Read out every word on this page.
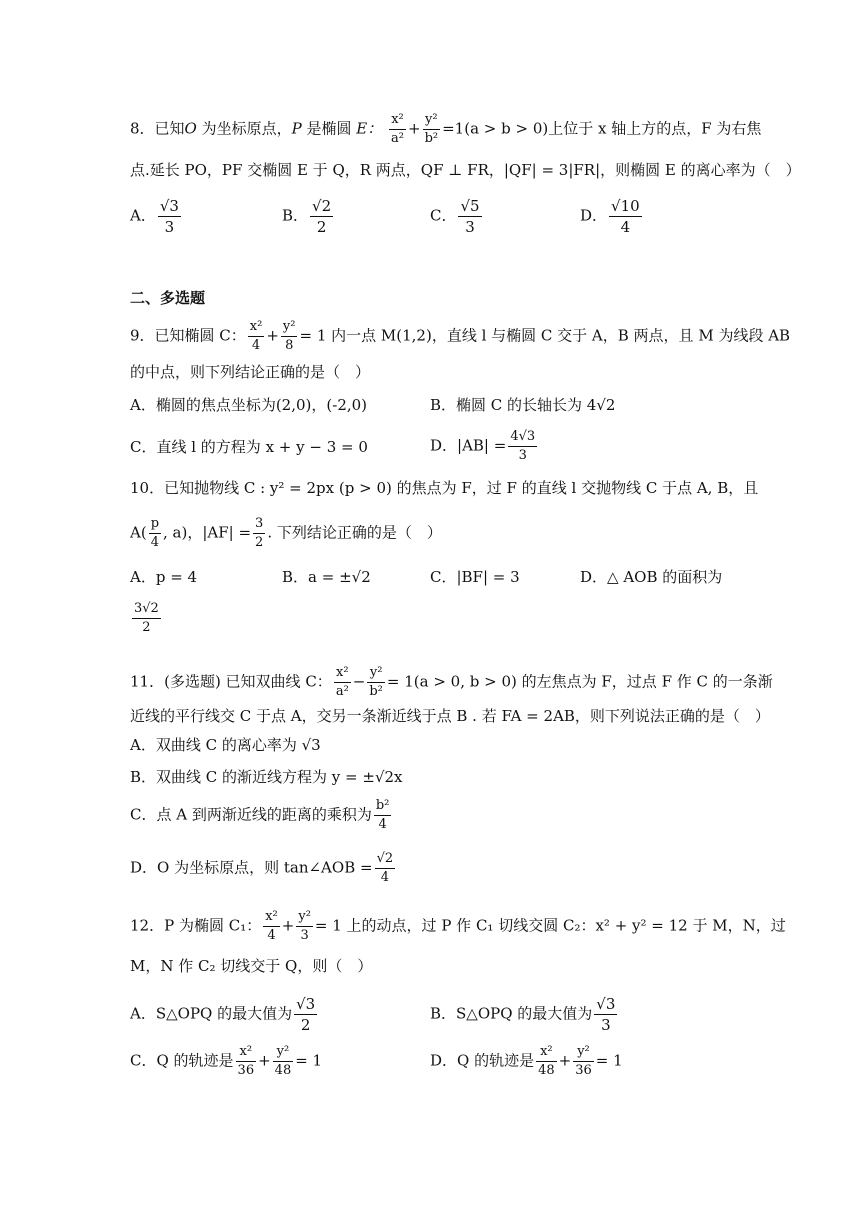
8．已知O 为坐标原点，P 是椭圆 E： $\frac{\text{x²}}{\text{a²}} + \frac{\text{y²}}{\text{b²}} =1(a > b > 0)$上位于 x 轴上方的点，F 为右焦
点.延长 PO，PF 交椭圆 E 于 Q，R 两点，QF ⊥ FR，|QF| = 3|FR|，则椭圆 E 的离心率为（　）
A． $\frac{√3}{3}$	B． $\frac{√2}{2}$	C． $\frac{√5}{3}$	D． $\frac{√10}{4}$
二、多选题
9．已知椭圆 C： $\frac{\text{x²}}{4} + \frac{\text{y²}}{8} = 1$ 内一点 M(1,2)，直线 l 与椭圆 C 交于 A，B 两点，且 M 为线段 AB
的中点，则下列结论正确的是（　）
A．椭圆的焦点坐标为(2,0)，(-2,0)	B．椭圆 C 的长轴长为 4√2
C．直线 l 的方程为 x + y − 3 = 0	D．$|AB| = \frac{4√3}{3}$
10．已知抛物线 C : y² = 2px (p > 0) 的焦点为 F，过 F 的直线 l 交抛物线 C 于点 A, B，且
$A( \frac{p}{4}$ , a)，$|AF| = \frac{3}{2}$ . 下列结论正确的是（　）
A．p = 4	B．a = ±√2	C．|BF| = 3	D．△ AOB 的面积为
$\frac{3√2}{2}$
11．(多选题) 已知双曲线 C： $\frac{\text{x²}}{\text{a²}} - \frac{\text{y²}}{\text{b²}} = 1(a > 0$, b > 0) 的左焦点为 F，过点 F 作 C 的一条渐
近线的平行线交 C 于点 A，交另一条渐近线于点 B . 若 FA = 2AB，则下列说法正确的是（　）
A．双曲线 C 的离心率为 √3
B．双曲线 C 的渐近线方程为 y = ±√2x
C．点 A 到两渐近线的距离的乘积为 $\frac{\text{b²}}{4}$
D．O 为坐标原点，则 tan∠AOB = $\frac{√2}{4}$
12．P 为椭圆 C₁： $\frac{\text{x²}}{4} + \frac{\text{y²}}{3} = 1$ 上的动点，过 P 作 C₁ 切线交圆 C₂：x² + y² = 12 于 M，N，过
M，N 作 C₂ 切线交于 Q，则（　）
A．S△OPQ 的最大值为 $\frac{√3}{2}$	B．S△OPQ 的最大值为 $\frac{√3}{3}$
C．Q 的轨迹是 $\frac{\text{x²}}{36} + \frac{\text{y²}}{48} = 1$	D．Q 的轨迹是 $\frac{\text{x²}}{48} + \frac{\text{y²}}{36} = 1$
